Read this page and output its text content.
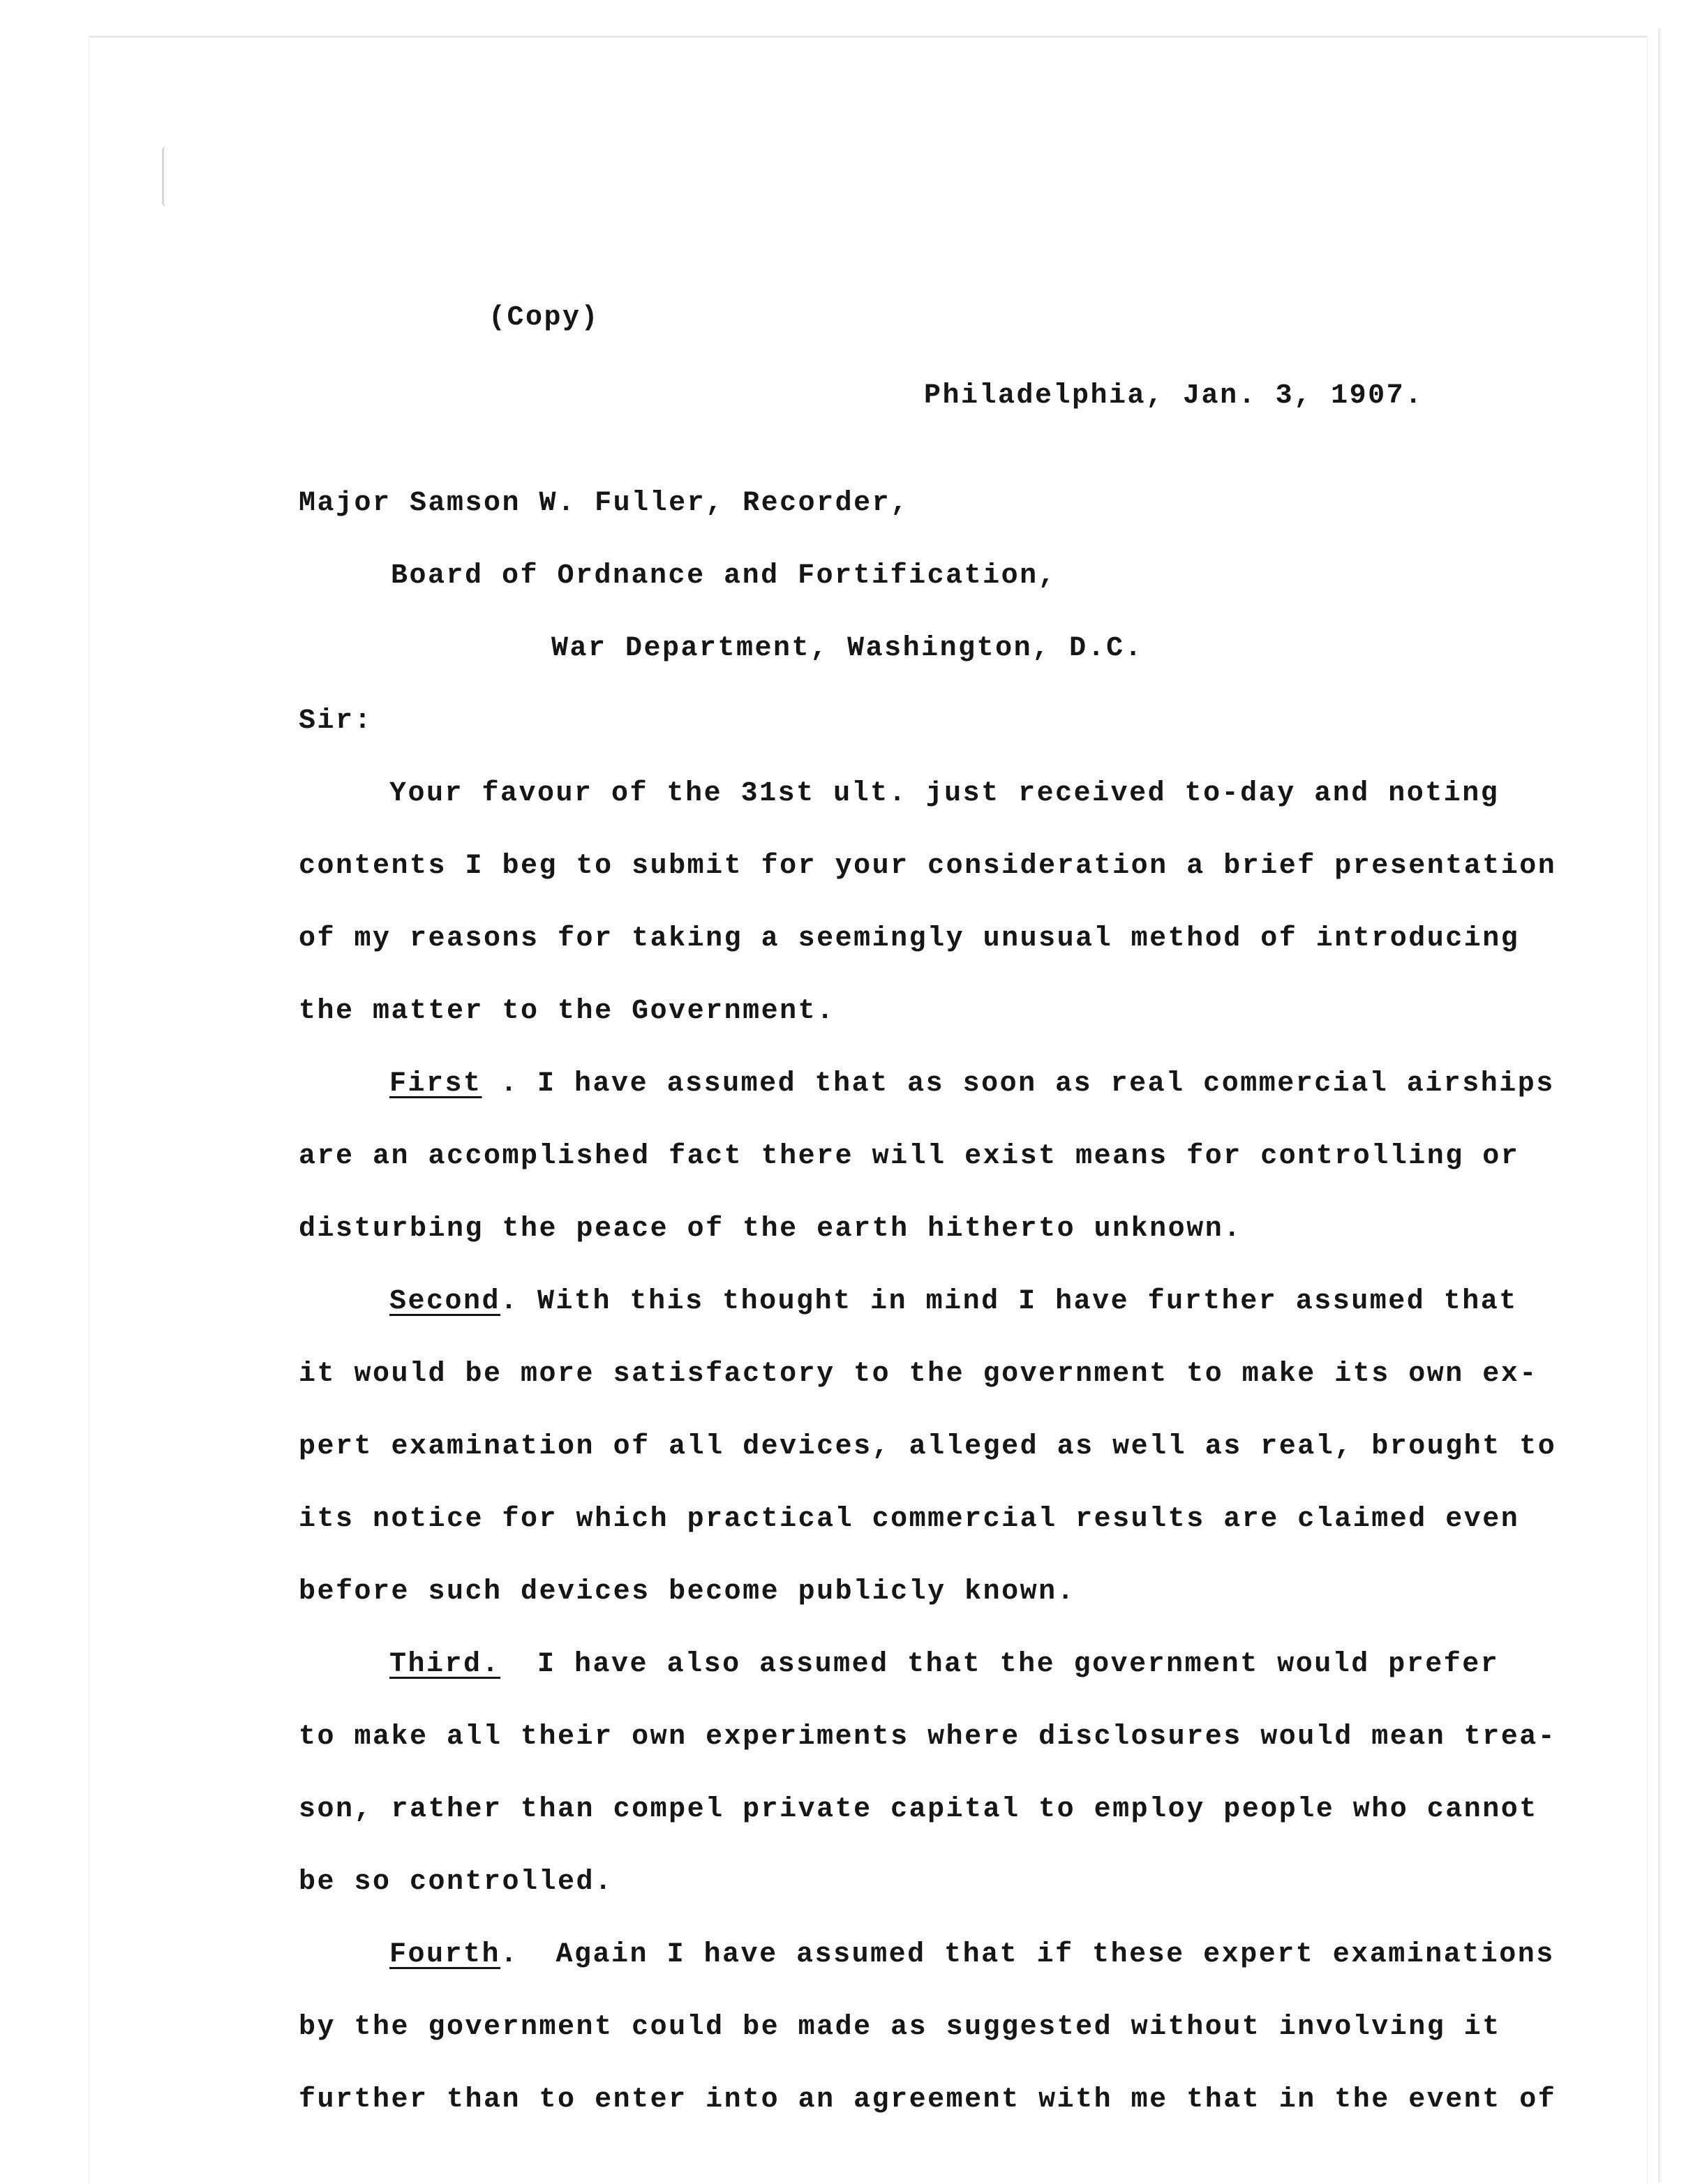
(Copy)

Philadelphia, Jan. 3, 1907.

Major Samson W. Fuller, Recorder,

Board of Ordnance and Fortification,

War Department, Washington, D.C.

Sir:

Your favour of the 31st ult. just received to-day and noting

contents I beg to submit for your consideration a brief presentation

of my reasons for taking a seemingly unusual method of introducing

the matter to the Government.

First . I have assumed that as soon as real commercial airships

are an accomplished fact there will exist means for controlling or

disturbing the peace of the earth hitherto unknown.

Second. With this thought in mind I have further assumed that

it would be more satisfactory to the government to make its own ex-

pert examination of all devices, alleged as well as real, brought to

its notice for which practical commercial results are claimed even

before such devices become publicly known.

Third.  I have also assumed that the government would prefer

to make all their own experiments where disclosures would mean trea-

son, rather than compel private capital to employ people who cannot

be so controlled.

Fourth.  Again I have assumed that if these expert examinations

by the government could be made as suggested without involving it

further than to enter into an agreement with me that in the event of
